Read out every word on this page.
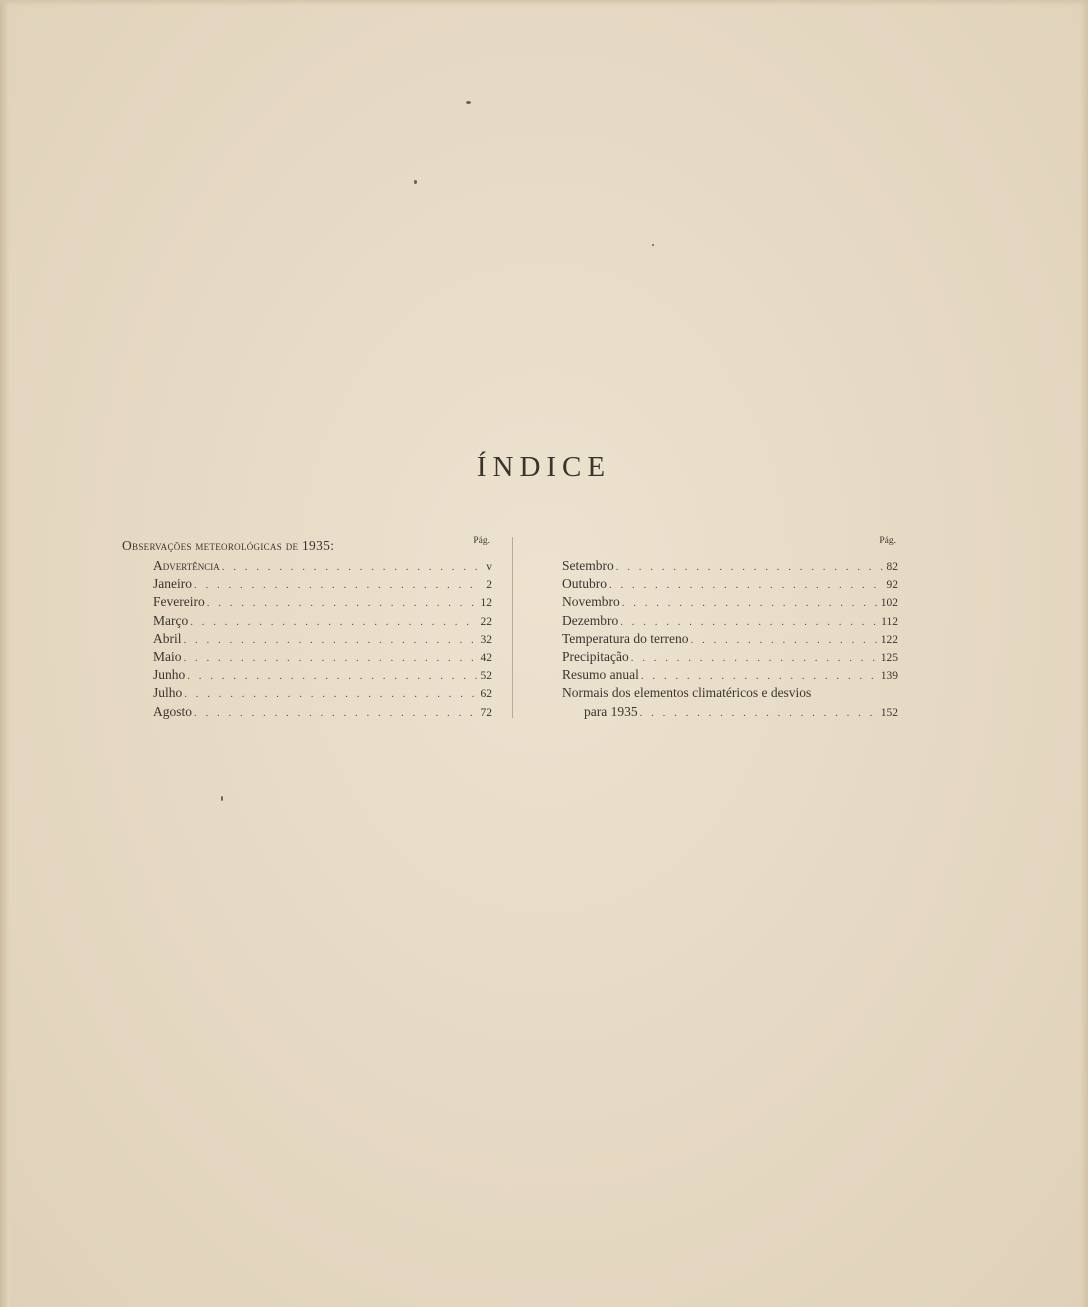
ÍNDICE
Observações meteorológicas de 1935:	Pág.
Advertência . . .	v
Janeiro . . .	2
Fevereiro . . .	12
Março . . .	22
Abril . . .	32
Maio . . .	42
Junho . . .	52
Julho . . .	62
Agosto . . .	72
Pág.
Setembro . . .	82
Outubro . . .	92
Novembro . . .	102
Dezembro . . .	112
Temperatura do terreno . . .	122
Precipitação . . .	125
Resumo anual . . .	139
Normais dos elementos climatéricos e desvios
para 1935 . . .	152
